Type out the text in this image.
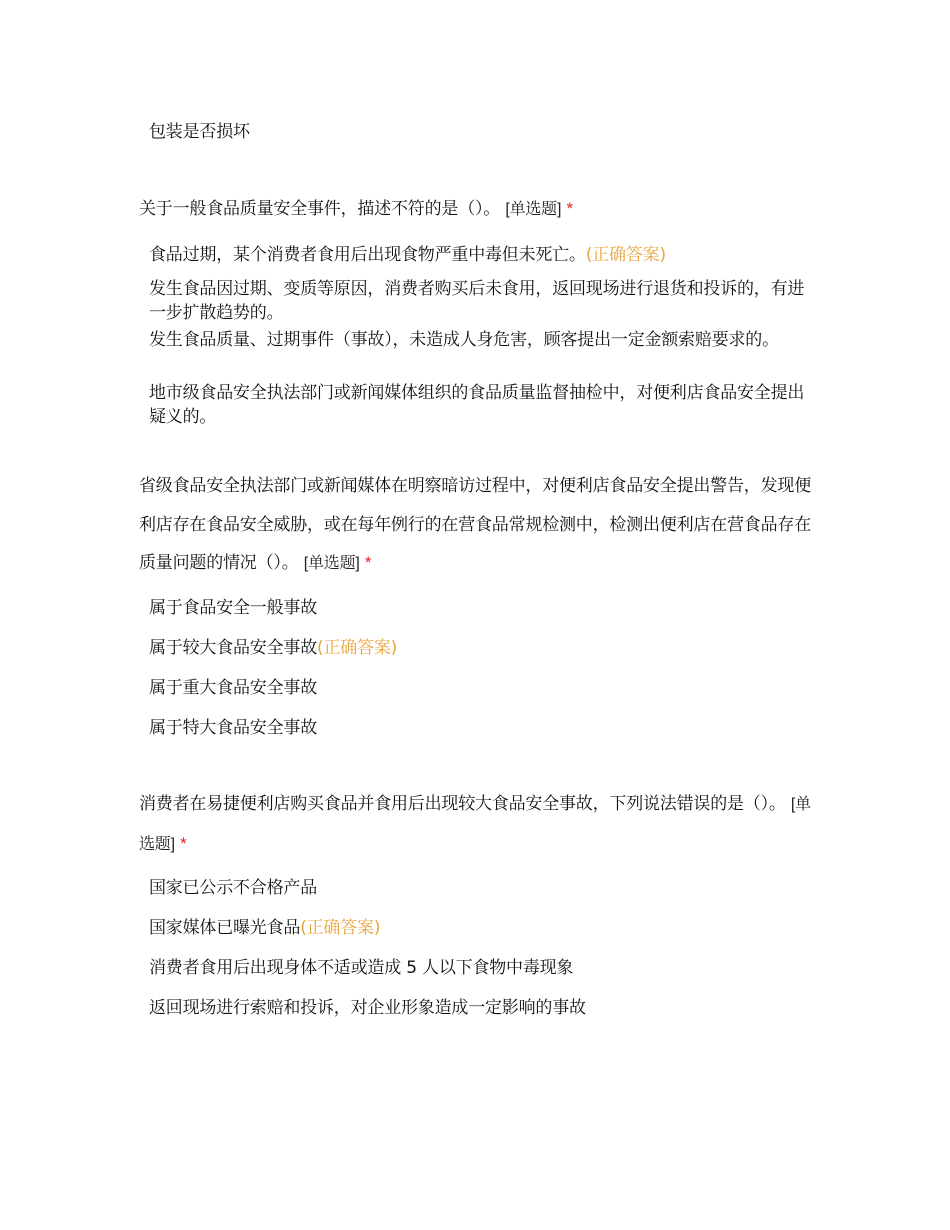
包装是否损坏
关于一般食品质量安全事件，描述不符的是（）。 [单选题] *
食品过期，某个消费者食用后出现食物严重中毒但未死亡。(正确答案)
发生食品因过期、变质等原因，消费者购买后未食用，返回现场进行退货和投诉的，有进一步扩散趋势的。
发生食品质量、过期事件（事故），未造成人身危害，顾客提出一定金额索赔要求的。
地市级食品安全执法部门或新闻媒体组织的食品质量监督抽检中，对便利店食品安全提出疑义的。
省级食品安全执法部门或新闻媒体在明察暗访过程中，对便利店食品安全提出警告，发现便利店存在食品安全威胁，或在每年例行的在营食品常规检测中，检测出便利店在营食品存在质量问题的情况（）。 [单选题] *
属于食品安全一般事故
属于较大食品安全事故(正确答案)
属于重大食品安全事故
属于特大食品安全事故
消费者在易捷便利店购买食品并食用后出现较大食品安全事故，下列说法错误的是（）。 [单选题] *
国家已公示不合格产品
国家媒体已曝光食品(正确答案)
消费者食用后出现身体不适或造成 5 人以下食物中毒现象
返回现场进行索赔和投诉，对企业形象造成一定影响的事故
